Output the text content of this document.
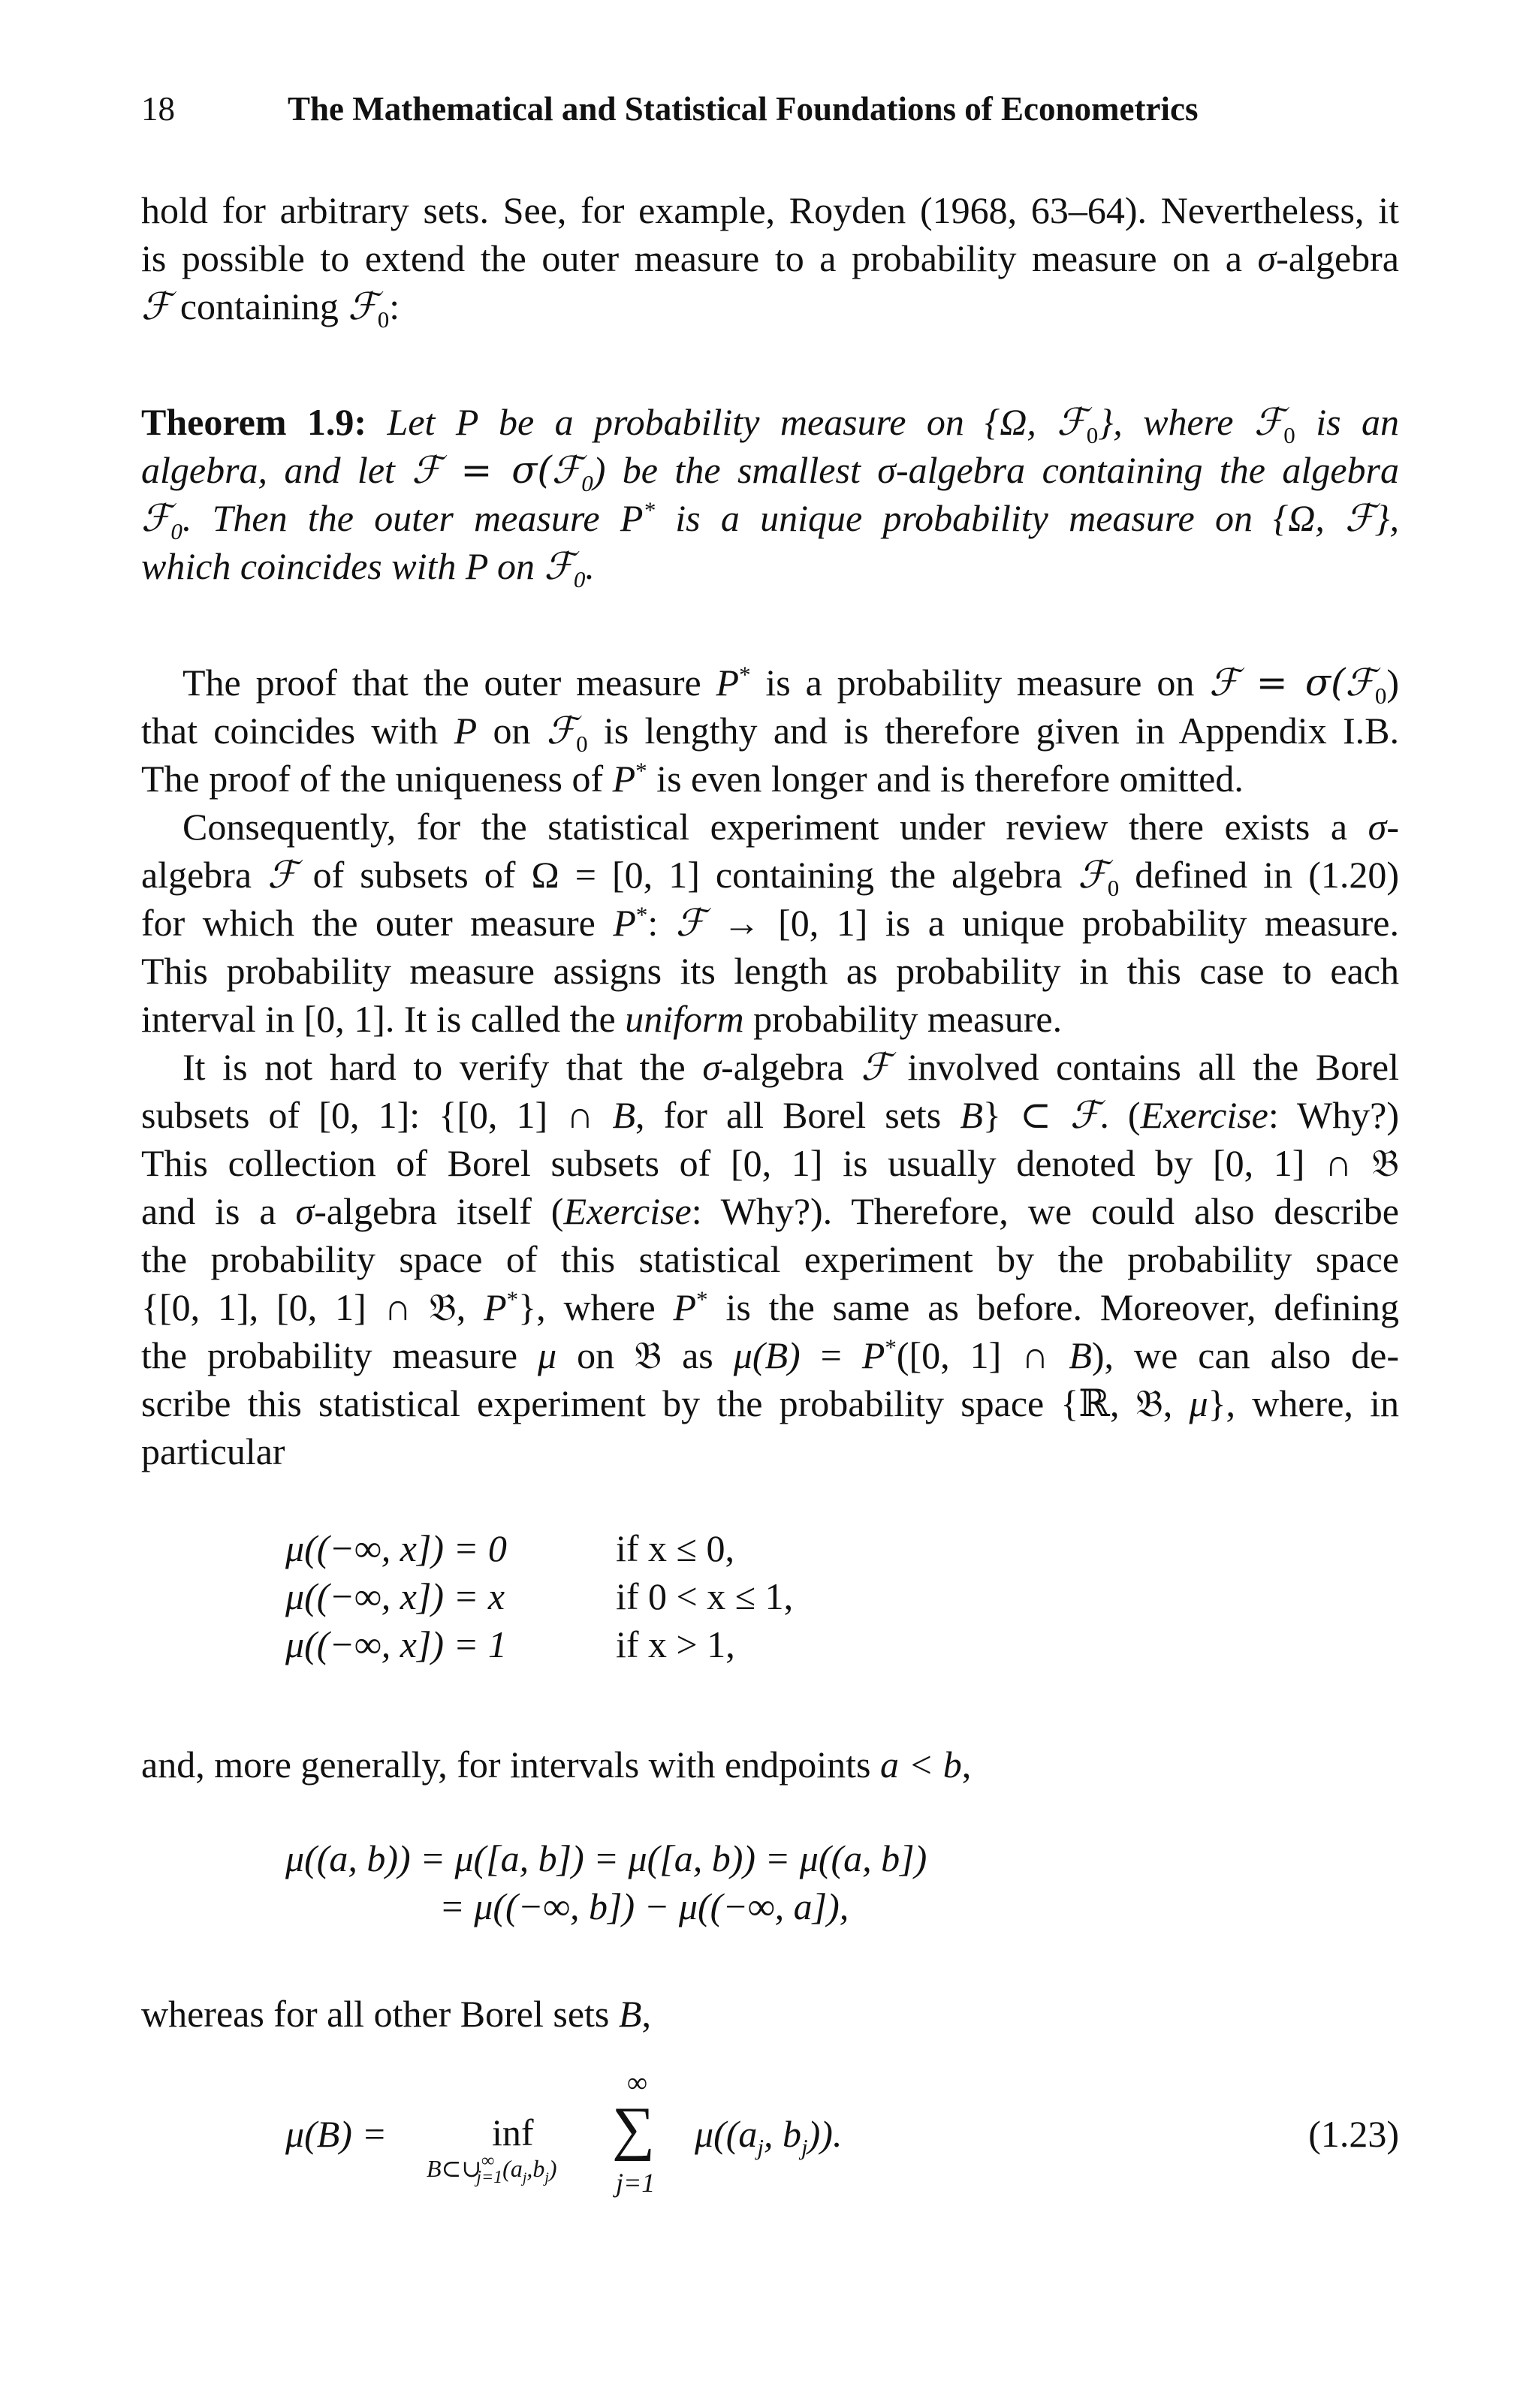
18	The Mathematical and Statistical Foundations of Econometrics
hold for arbitrary sets. See, for example, Royden (1968, 63–64). Nevertheless, it
is possible to extend the outer measure to a probability measure on a σ-algebra
ℱ containing ℱ$_0$:
Theorem 1.9: Let P be a probability measure on {Ω, ℱ$_0$}, where ℱ$_0$ is an
algebra, and let ℱ = σ(ℱ$_0$) be the smallest σ-algebra containing the algebra
ℱ$_0$. Then the outer measure P* is a unique probability measure on {Ω, ℱ},
which coincides with P on ℱ$_0$.
The proof that the outer measure P* is a probability measure on ℱ = σ(ℱ$_0$)
that coincides with P on ℱ$_0$ is lengthy and is therefore given in Appendix I.B.
The proof of the uniqueness of P* is even longer and is therefore omitted.
Consequently, for the statistical experiment under review there exists a σ-
algebra ℱ of subsets of Ω = [0, 1] containing the algebra ℱ$_0$ defined in (1.20)
for which the outer measure P*: ℱ → [0, 1] is a unique probability measure.
This probability measure assigns its length as probability in this case to each
interval in [0, 1]. It is called the uniform probability measure.
It is not hard to verify that the σ-algebra ℱ involved contains all the Borel
subsets of [0, 1]: {[0, 1] ∩ B, for all Borel sets B} ⊂ ℱ. (Exercise: Why?)
This collection of Borel subsets of [0, 1] is usually denoted by [0, 1] ∩ 𝔅
and is a σ-algebra itself (Exercise: Why?). Therefore, we could also describe
the probability space of this statistical experiment by the probability space
{[0, 1], [0, 1] ∩ 𝔅, P*}, where P* is the same as before. Moreover, defining
the probability measure μ on 𝔅 as μ(B) = P*([0, 1] ∩ B), we can also de-
scribe this statistical experiment by the probability space {ℝ, 𝔅, μ}, where, in
particular
μ((−∞, x]) = 0	if x ≤ 0,
μ((−∞, x]) = x	if 0 < x ≤ 1,
μ((−∞, x]) = 1	if x > 1,
and, more generally, for intervals with endpoints a < b,
μ((a, b)) = μ([a, b]) = μ([a, b)) = μ((a, b])
= μ((−∞, b]) − μ((−∞, a]),
whereas for all other Borel sets B,
μ(B) =	inf
$B\subset\cup^\infty_{j=1}(a_j,b_j)$
∞
∑
j=1
$\mu((a_j$, $b_j$)).	(1.23)
